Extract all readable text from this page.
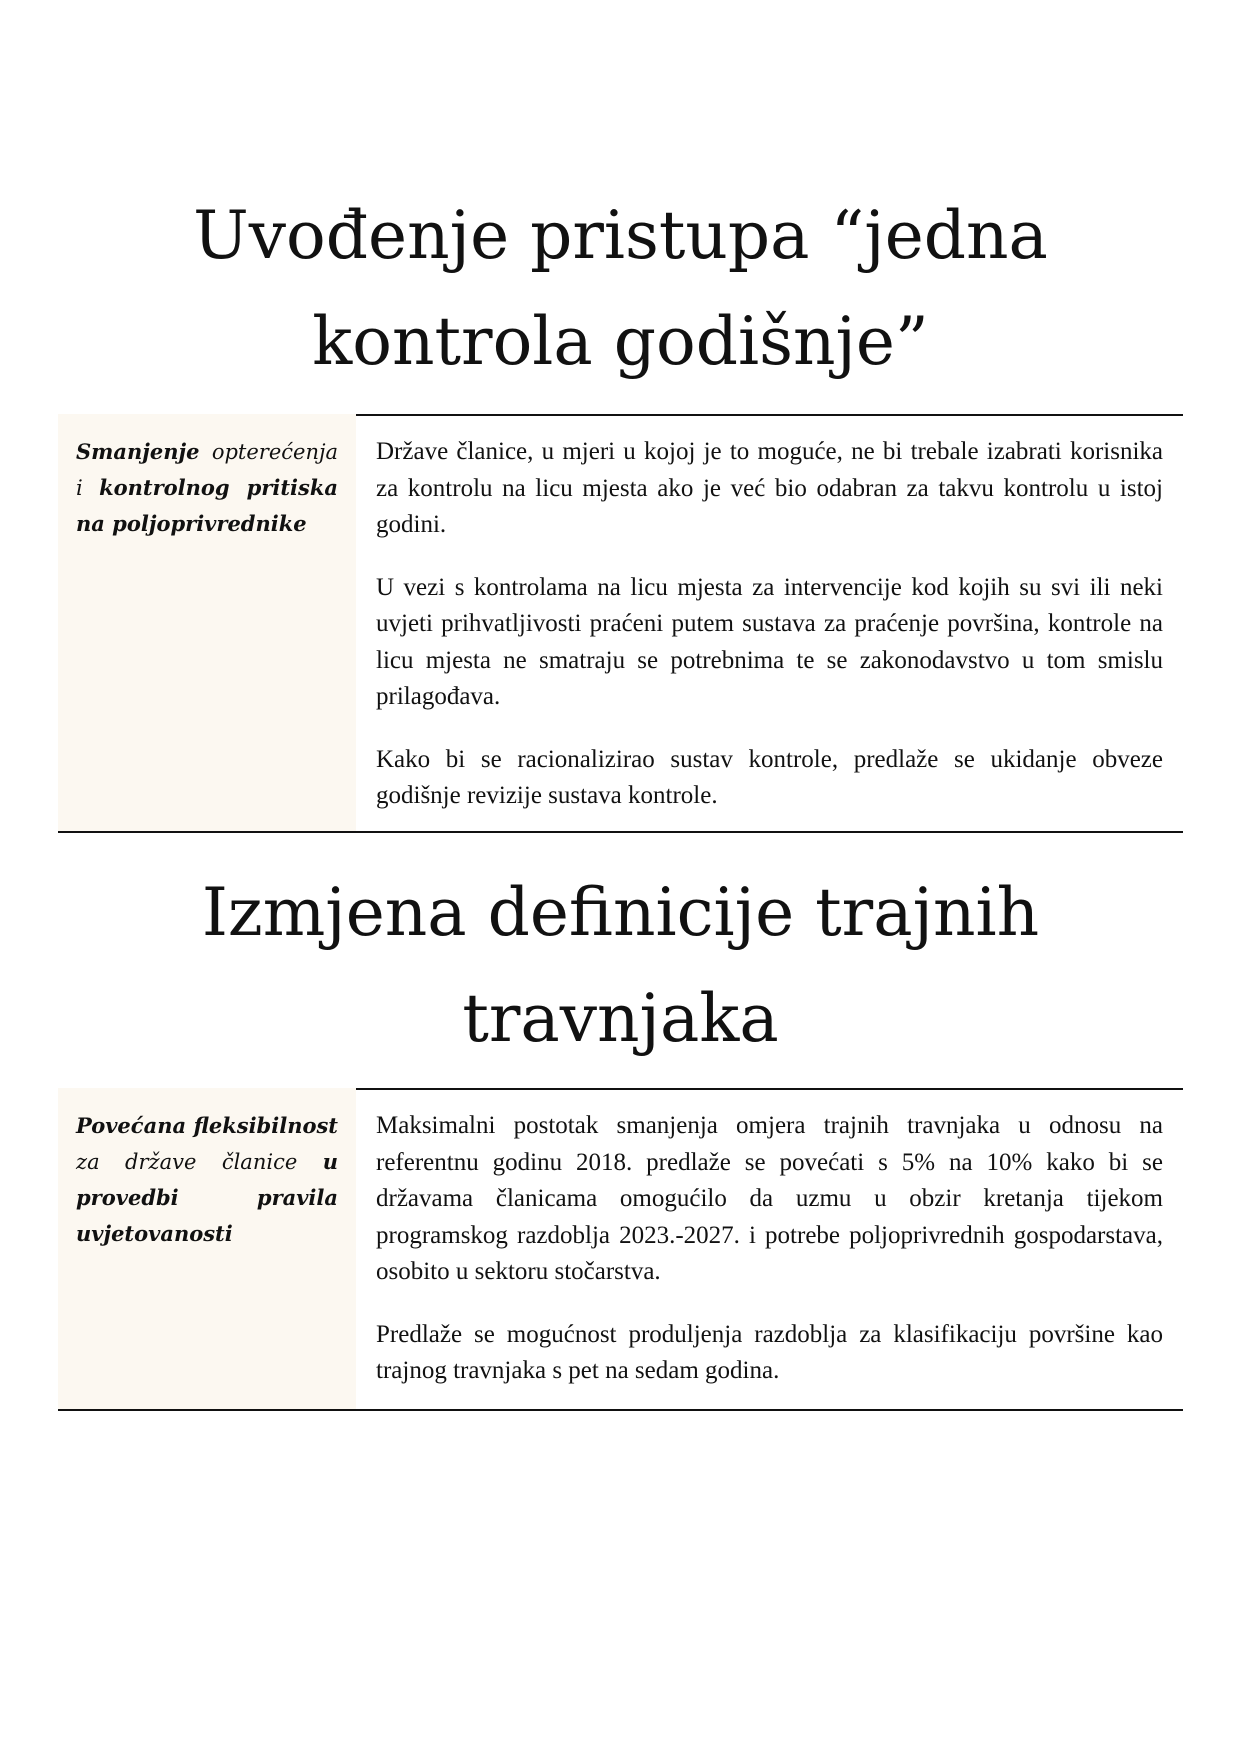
Uvođenje pristupa “jedna kontrola godišnje”
Smanjenje opterećenja i kontrolnog pritiska na poljoprivrednike

Države članice, u mjeri u kojoj je to moguće, ne bi trebale izabrati korisnika za kontrolu na licu mjesta ako je već bio odabran za takvu kontrolu u istoj godini.

U vezi s kontrolama na licu mjesta za intervencije kod kojih su svi ili neki uvjeti prihvatljivosti praćeni putem sustava za praćenje površina, kontrole na licu mjesta ne smatraju se potrebnima te se zakonodavstvo u tom smislu prilagođava.

Kako bi se racionalizirao sustav kontrole, predlaže se ukidanje obveze godišnje revizije sustava kontrole.

Izmjena definicije trajnih travnjaka
Povećana fleksibilnost za države članice u provedbi pravila uvjetovanosti

Maksimalni postotak smanjenja omjera trajnih travnjaka u odnosu na referentnu godinu 2018. predlaže se povećati s 5% na 10% kako bi se državama članicama omogućilo da uzmu u obzir kretanja tijekom programskog razdoblja 2023.-2027. i potrebe poljoprivrednih gospodarstava, osobito u sektoru stočarstva.

Predlaže se mogućnost produljenja razdoblja za klasifikaciju površine kao trajnog travnjaka s pet na sedam godina.
